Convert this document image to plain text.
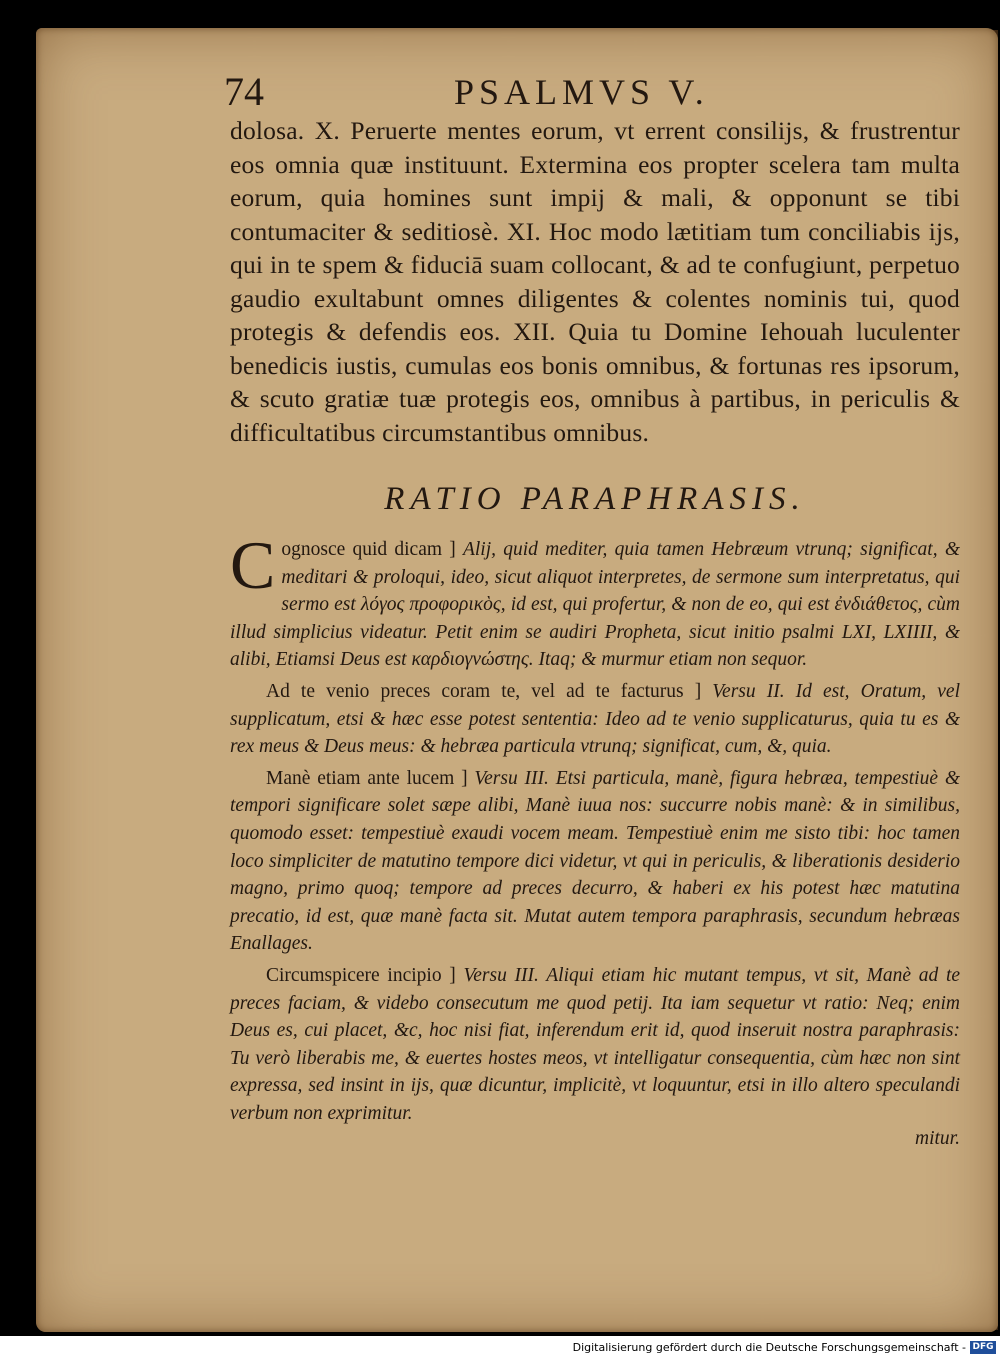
74	PSALMVS V.

dolosa. X. Peruerte mentes eorum, vt errent consilijs, & frustrentur eos omnia quæ instituunt. Extermina eos propter scelera tam multa eorum, quia homines sunt impij & mali, & opponunt se tibi contumaciter & seditiosè. XI. Hoc modo lætitiam tum conciliabis ijs, qui in te spem & fiduciā suam collocant, & ad te confugiunt, perpetuo gaudio exultabunt omnes diligentes & colentes nominis tui, quod protegis & defendis eos. XII. Quia tu Domine Iehouah luculenter benedicis iustis, cumulas eos bonis omnibus, & fortunas res ipsorum, & scuto gratiæ tuæ protegis eos, omnibus à partibus, in periculis & difficultatibus circumstantibus omnibus.

RATIO PARAPHRASIS.

Cognosce quid dicam ] Alij, quid mediter, quia tamen Hebræum vtrunq; significat, & meditari & proloqui, ideo, sicut aliquot interpretes, de sermone sum interpretatus, qui sermo est λόγος προφορικὸς, id est, qui profertur, & non de eo, qui est ἐνδιάθετος, cùm illud simplicius videatur. Petit enim se audiri Propheta, sicut initio psalmi LXI, LXIIII, & alibi, Etiamsi Deus est καρδιογνώστης. Itaq; & murmur etiam non sequor.

Ad te venio preces coram te, vel ad te facturus ] Versu II. Id est, Oratum, vel supplicatum, etsi & hæc esse potest sententia: Ideo ad te venio supplicaturus, quia tu es & rex meus & Deus meus: & hebræa particula vtrunq; significat, cum, &, quia.

Manè etiam ante lucem ] Versu III. Etsi particula, manè, figura hebræa, tempestiuè & tempori significare solet sæpe alibi, Manè iuua nos: succurre nobis manè: & in similibus, quomodo esset: tempestiuè exaudi vocem meam. Tempestiuè enim me sisto tibi: hoc tamen loco simpliciter de matutino tempore dici videtur, vt qui in periculis, & liberationis desiderio magno, primo quoq; tempore ad preces decurro, & haberi ex his potest hæc matutina precatio, id est, quæ manè facta sit. Mutat autem tempora paraphrasis, secundum hebræas Enallages.

Circumspicere incipio ] Versu III. Aliqui etiam hic mutant tempus, vt sit, Manè ad te preces faciam, & videbo consecutum me quod petij. Ita iam sequetur vt ratio: Neq; enim Deus es, cui placet, &c, hoc nisi fiat, inferendum erit id, quod inseruit nostra paraphrasis: Tu verò liberabis me, & euertes hostes meos, vt intelligatur consequentia, cùm hæc non sint expressa, sed insint in ijs, quæ dicuntur, implicitè, vt loquuntur, etsi in illo altero speculandi verbum non exprimitur.

mitur.
Digitalisierung gefördert durch die Deutsche Forschungsgemeinschaft - DFG
